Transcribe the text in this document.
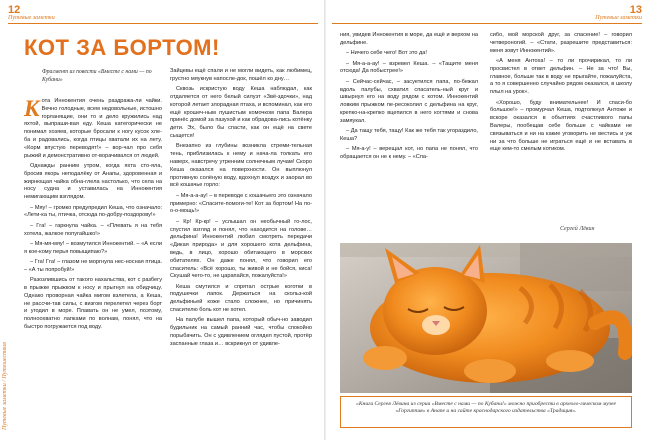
12
Путевые заметки
КОТ ЗА БОРТОМ!
Фрагмент из повести «Вместе с нами — по Кубани»

Кота Иннокентия очень раздража-ли чайки. Вечно голодные, всем недовольные, истошно горланящие, они то и дело кружились над яхтой, выпраши-вая еду. Кеша категорически не понимал хозяев, которые бросали к ногу кусок хле-ба и радовались, когда птицы хватали их на лету. «Корм впустую переводят!» – вор-чал про себя рыжий и демонстративно от-ворачивался от людей.

Однажды ранним утром, когда яхта сто-яла, бросив якорь неподалёку от Анапы, здоровенная и жирнющая чайка обна-глела настолько, что села на носу судна и уставилась на Иннокентия немигающим взглядом.

– Мяу! – громко предупредил Кеша, что означало: «Лети-ка ты, птичка, отсюда по-добру-поздорову!»

– Гга! – гаркнула чайка. – «Плевать я на тебя хотела, жалкое попугайшко!»

– Мя-мя-мяу! – возмутился Иннокентий. – «А если я кое-кому перья повыщипаю?»

– Гга! Гга! – глазом не моргнула нес-носная птица. – «А ты попробуй!»

Разозлившись от такого нахальства, кот с разбегу в прыжке прыжком к носу и прыгнул на обидчицу. Однако проворная чайка мигом взлетела, а Кеша, не рассчи-тав силы, с визгом перелетел через борт и угодил в море. Плавать он не умел, поэтому, полноохватно лапками по волнам, понял, что на быстро погружается под воду.

Зайцевы ещё спали и не могли видеть, как любимец, грустно мяукнув напосле-док, пошёл ко дну…

Сквозь искристую воду Кеша наблюдал, как отдаляется от него белый силуэт «Звё-здочки», над которой летает злорадная птаха, и вспоминал, как его ещё крошеч-ным пушистым комочком папа Валера принёс домой за пазухой и как обрадова-лись котёнку дети. Эх, было бы спасти, как он ещё на свете сыщется!

Внезапно из глубины возникла стреми-тельная тень, приблизилась к нему и нача-ла толкать его наверх, навстречу утренним солнечным лучам! Скоро Кеша оказался на поверхности. Он выплюнул противную солёную воду, вдохнул воздух и заорал во всё кошачье горло:

– Мя-а-а-ау! – в переводе с кошачьего это означало примерно: «Спасите-помоги-те! Кот за бортом! На по-о-о-мощь!»

– Кр! Кр-кр! – услышал он необычный го-лос, спустил взгляд и понял, что находится на голове… дельфина! Иннокентий любил смотреть передачи «Дикая природа» и для хорошего кота дельфина, ведь, в лицо, хорошо обитающего в морских обитателях. Он даже понял, что говорил его спаситель: «Всё хорошо, ты живой и не бойся, киса! Скушай чего-то, не царапайся, пожалуйста!»

Кеша смутился и спрятал острые коготки в подушечки лапок. Держаться на скольз-кой дельфиньей коже стало сложнее, но причинять спасителю боль кот не хотел.

На палубе вышел папа, который обыч-но заводил будильник на самый ранний час, чтобы спокойно порыбачить. Он с удивлением оглядел пустой, протёр заспанные глаза и… вскрикнул от удивле-

Путевые заметки / Путешествия
13
Путевые заметки

ния, увидев Иннокентия в море, да ещё и верхом на дельфине.

– Ничего себе чего! Вот это да!

– Мя-а-а-ау! – взревел Кеша. – «Тащите меня отсюда! Да побыстрее!»

– Сейчас-сейчас, – засуетился папа, по-бежал вдоль палубы, схватил спасатель-ный круг и швырнул его на воду рядом с котом. Иннокентий ловким прыжком пе-ресоколил с дельфина на круг, крепко-на-крепко вцепился в него когтями и снова замяукал.

– Да тащу тебя, тащу! Как же тебя так угораздило, Кеша?

– Мя-а-у! – верещал кот, но папа не понял, что обращается он не к нему. – «Спа-

сибо, мой морской друг, за спасение! – говорил четвероногий. – «Стати, разрешите представиться: меня зовут Иннокентий».

«А меня Антоха! – то ли прочирикал, то ли просвистел в ответ дельфин. – Не за что! Вы, главное, больше так в воду не прыгайте, пожалуйста, а то я совершенно случайно рядом оказался, в школу плыл на урок».

«Хорошо, буду внимательнее! И спаси-бо большое!» – промурчал Кеша, подтолкнул Антоже и вскоре оказался в объятиях счастливого папы Валеры, пообещав себе больше с чайками не связываться и ни на какие уговорить не вестись и уж ни за что больше не играться ещё и не вставать в еще кем-то смелым котиком.

Сергей Лёвин
«Книги Сергея Лёвина из серии «Вместе с нами — по Кубани!» можно приобрести в археоло-гическом музее «Горгиппия» в Анапе и на сайте краснодарского издательства «Традиция».
